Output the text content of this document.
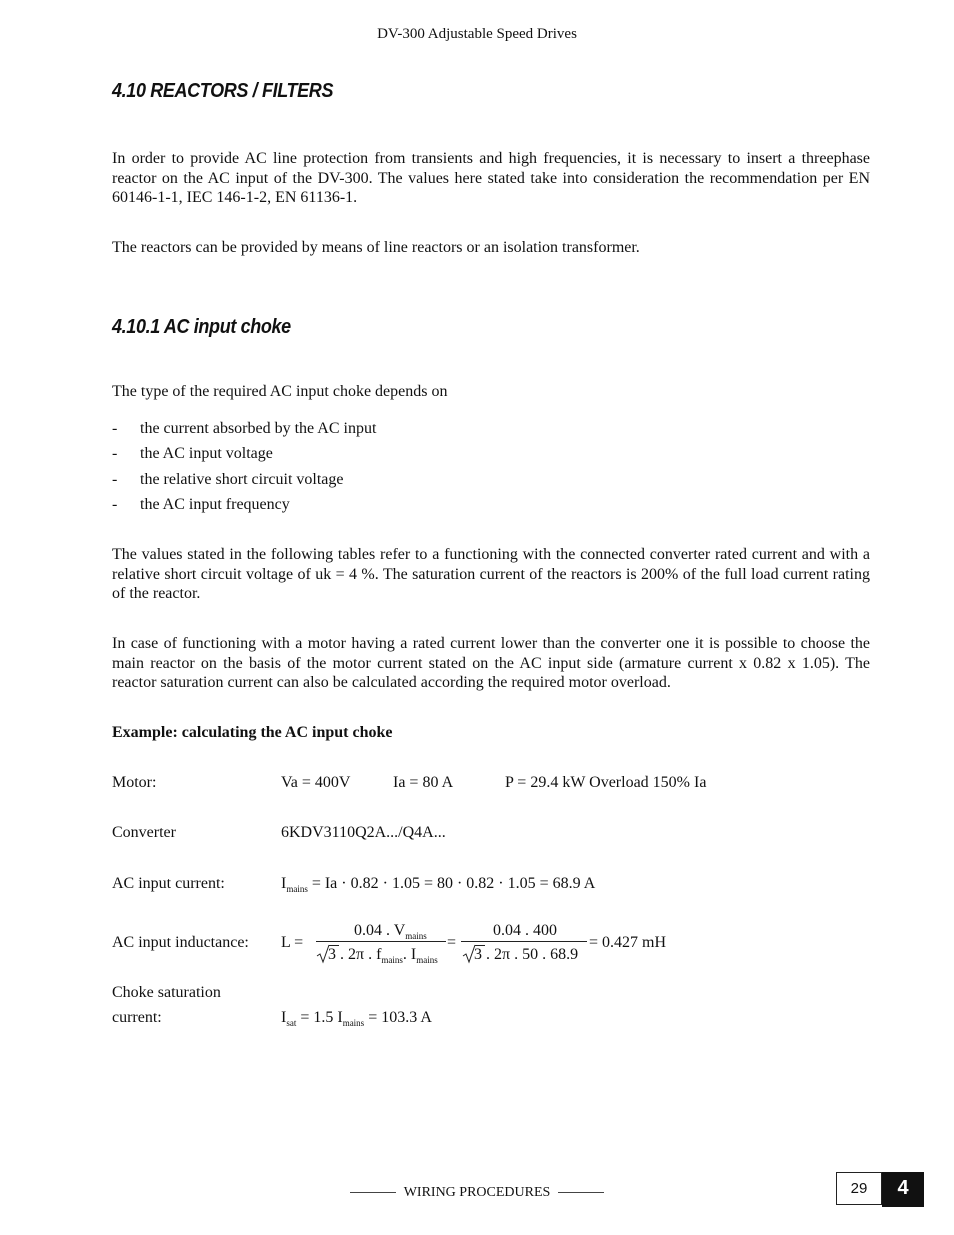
DV-300 Adjustable Speed Drives
4.10 REACTORS / FILTERS
In order to provide AC line protection from transients and high frequencies, it is necessary to insert a threephase reactor on the AC input of the DV-300. The values here stated take into consideration the recommendation per EN 60146-1-1, IEC 146-1-2, EN 61136-1.
The reactors can be provided by means of line reactors or an isolation transformer.
4.10.1 AC input choke
The type of the required AC input choke depends on
- the current absorbed by the AC input
- the AC input voltage
- the relative short circuit voltage
- the AC input frequency
The values stated in the following tables refer to a functioning with the connected converter rated current and with a relative short circuit voltage of uk = 4 %. The saturation current of the reactors is 200% of the full load current rating of the reactor.
In case of functioning with a motor having a rated current lower than the converter one it is possible to choose the main reactor on the basis of the motor current stated on the AC input side (armature current x 0.82 x 1.05). The reactor saturation current can also be calculated according the required motor overload.
Example: calculating the AC input choke
Motor:	Va = 400V	Ia = 80 A	P = 29.4 kW Overload 150% Ia
Converter	6KDV3110Q2A.../Q4A...
AC input current:	$I_{mains} = Ia \cdot 0.82 \cdot 1.05 = 80 \cdot 0.82 \cdot 1.05 = 68.9$ A
AC input inductance: L =
0.04 . $V_{mains}$
3 . 2π . $f_{mains}$. $I_{mains}$
=
0.04 . 400
3 . 2π . 50 . 68.9
= 0.427 mH
Choke saturation
current:	$I_{sat} = 1.5$ $I_{mains} = 103.3$ A
WIRING PROCEDURES	29	4
